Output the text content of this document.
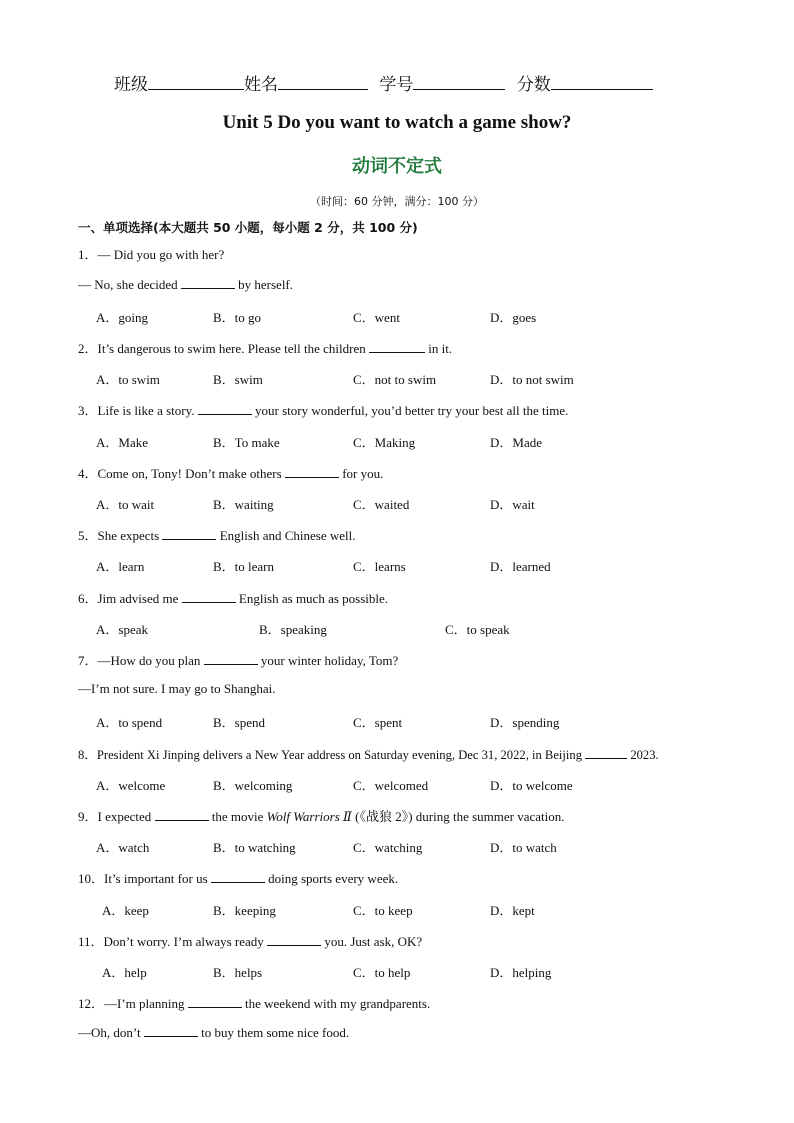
班级	姓名	学号	分数
Unit 5 Do you want to watch a game show?
动词不定式
（时间：60 分钟，满分：100 分）
一、单项选择(本大题共 50 小题，每小题 2 分，共 100 分)
1．— Did you go with her?
— No, she decided	by herself.
A．going	B．to go	C．went	D．goes
2．It’s dangerous to swim here. Please tell the children	in it.
A．to swim	B．swim	C．not to swim	D．to not swim
3．Life is like a story.	your story wonderful, you’d better try your best all the time.
A．Make	B．To make	C．Making	D．Made
4．Come on, Tony! Don’t make others	for you.
A．to wait	B．waiting	C．waited	D．wait
5．She expects	English and Chinese well.
A．learn	B．to learn	C．learns	D．learned
6．Jim advised me	English as much as possible.
A．speak	B．speaking	C．to speak
7．—How do you plan	your winter holiday, Tom?
—I’m not sure. I may go to Shanghai.
A．to spend	B．spend	C．spent	D．spending
8．President Xi Jinping delivers a New Year address on Saturday evening, Dec 31, 2022, in Beijing	2023.
A．welcome	B．welcoming	C．welcomed	D．to welcome
9．I expected	the movie Wolf Warriors Ⅱ (《战狼 2》) during the summer vacation.
A．watch	B．to watching	C．watching	D．to watch
10．It’s important for us	doing sports every week.
A．keep	B．keeping	C．to keep	D．kept
11．Don’t worry. I’m always ready	you. Just ask, OK?
A．help	B．helps	C．to help	D．helping
12．—I’m planning	the weekend with my grandparents.
—Oh, don’t	to buy them some nice food.
